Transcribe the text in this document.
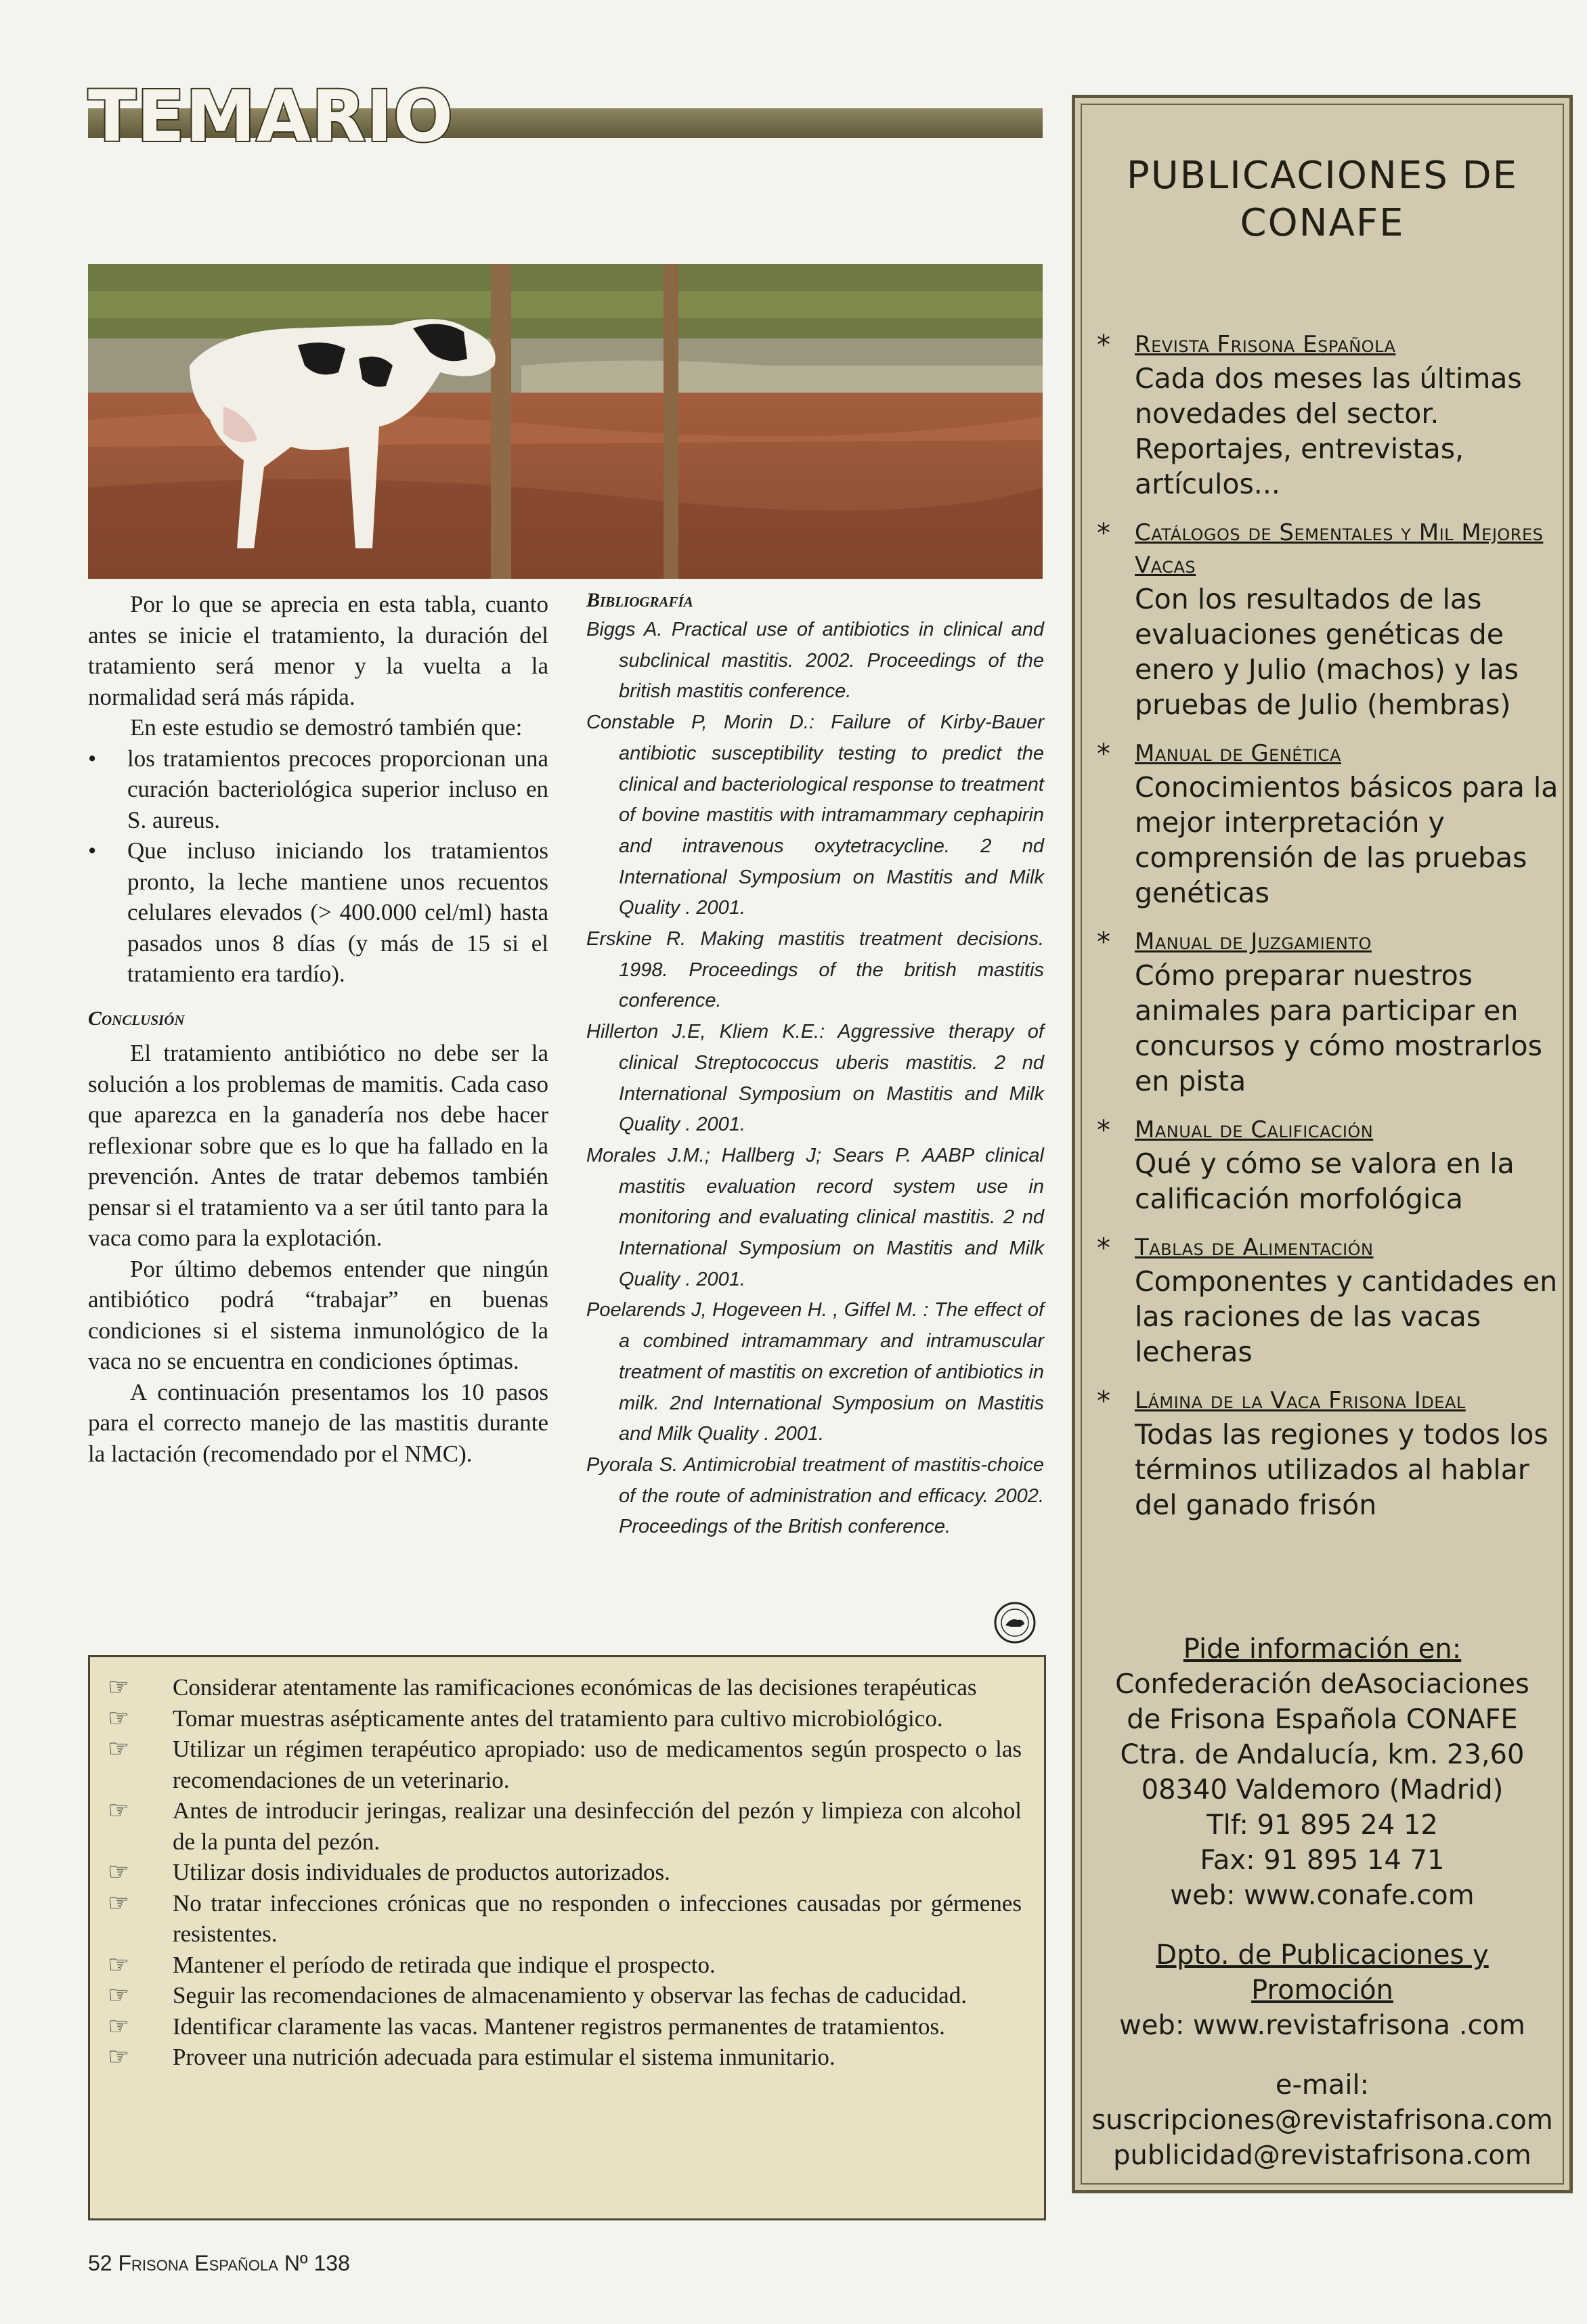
TEMARIO

Por lo que se aprecia en esta tabla, cuanto antes se inicie el tratamiento, la duración del tratamiento será menor y la vuelta a la normalidad será más rápida.

En este estudio se demostró también que:

• los tratamientos precoces proporcionan una curación bacteriológica superior incluso en S. aureus.
• Que incluso iniciando los tratamientos pronto, la leche mantiene unos recuentos celulares elevados (> 400.000 cel/ml) hasta pasados unos 8 días (y más de 15 si el tratamiento era tardío).
Conclusión

El tratamiento antibiótico no debe ser la solución a los problemas de mamitis. Cada caso que aparezca en la ganadería nos debe hacer reflexionar sobre que es lo que ha fallado en la prevención. Antes de tratar debemos también pensar si el tratamiento va a ser útil tanto para la vaca como para la explotación.

Por último debemos entender que ningún antibiótico podrá “trabajar” en buenas condiciones si el sistema inmunológico de la vaca no se encuentra en condiciones óptimas.

A continuación presentamos los 10 pasos para el correcto manejo de las mastitis durante la lactación (recomendado por el NMC).

Bibliografía
Biggs A. Practical use of antibiotics in clinical and subclinical mastitis. 2002. Proceedings of the british mastitis conference.
Constable P, Morin D.: Failure of Kirby-Bauer antibiotic susceptibility testing to predict the clinical and bacteriological response to treatment of bovine mastitis with intramammary cephapirin and intravenous oxytetracycline. 2 nd International Symposium on Mastitis and Milk Quality . 2001.
Erskine R. Making mastitis treatment decisions. 1998. Proceedings of the british mastitis conference.
Hillerton J.E, Kliem K.E.: Aggressive therapy of clinical Streptococcus uberis mastitis. 2 nd International Symposium on Mastitis and Milk Quality . 2001.
Morales J.M.; Hallberg J; Sears P. AABP clinical mastitis evaluation record system use in monitoring and evaluating clinical mastitis. 2 nd International Symposium on Mastitis and Milk Quality . 2001.
Poelarends J, Hogeveen H. , Giffel M. : The effect of a combined intramammary and intramuscular treatment of mastitis on excretion of antibiotics in milk. 2nd International Symposium on Mastitis and Milk Quality . 2001.
Pyorala S. Antimicrobial treatment of mastitis-choice of the route of administration and efficacy. 2002. Proceedings of the British conference.
PUBLICACIONES DE
CONAFE
* Revista Frisona Española
Cada dos meses las últimas novedades del sector. Reportajes, entrevistas, artículos...
* Catálogos de Sementales y Mil Mejores Vacas
Con los resultados de las evaluaciones genéticas de enero y Julio (machos) y las pruebas de Julio (hembras)
* Manual de Genética
Conocimientos básicos para la mejor interpretación y comprensión de las pruebas genéticas
* Manual de Juzgamiento
Cómo preparar nuestros animales para participar en concursos y cómo mostrarlos en pista
* Manual de Calificación
Qué y cómo se valora en la calificación morfológica
* Tablas de Alimentación
Componentes y cantidades en las raciones de las vacas lecheras
* Lámina de la Vaca Frisona Ideal
Todas las regiones y todos los términos utilizados al hablar del ganado frisón
Pide información en:
Confederación deAsociaciones
de Frisona Española CONAFE
Ctra. de Andalucía, km. 23,60
08340 Valdemoro (Madrid)
Tlf: 91 895 24 12
Fax: 91 895 14 71
web: www.conafe.com
Dpto. de Publicaciones y
Promoción
web: www.revistafrisona .com
e-mail:
suscripciones@revistafrisona.com
publicidad@revistafrisona.com
☞ Considerar atentamente las ramificaciones económicas de las decisiones terapéuticas
☞ Tomar muestras asépticamente antes del tratamiento para cultivo microbiológico.
☞ Utilizar un régimen terapéutico apropiado: uso de medicamentos según prospecto o las recomendaciones de un veterinario.
☞ Antes de introducir jeringas, realizar una desinfección del pezón y limpieza con alcohol de la punta del pezón.
☞ Utilizar dosis individuales de productos autorizados.
☞ No tratar infecciones crónicas que no responden o infecciones causadas por gérmenes resistentes.
☞ Mantener el período de retirada que indique el prospecto.
☞ Seguir las recomendaciones de almacenamiento y observar las fechas de caducidad.
☞ Identificar claramente las vacas. Mantener registros permanentes de tratamientos.
☞ Proveer una nutrición adecuada para estimular el sistema inmunitario.
52 Frisona Española Nº 138
